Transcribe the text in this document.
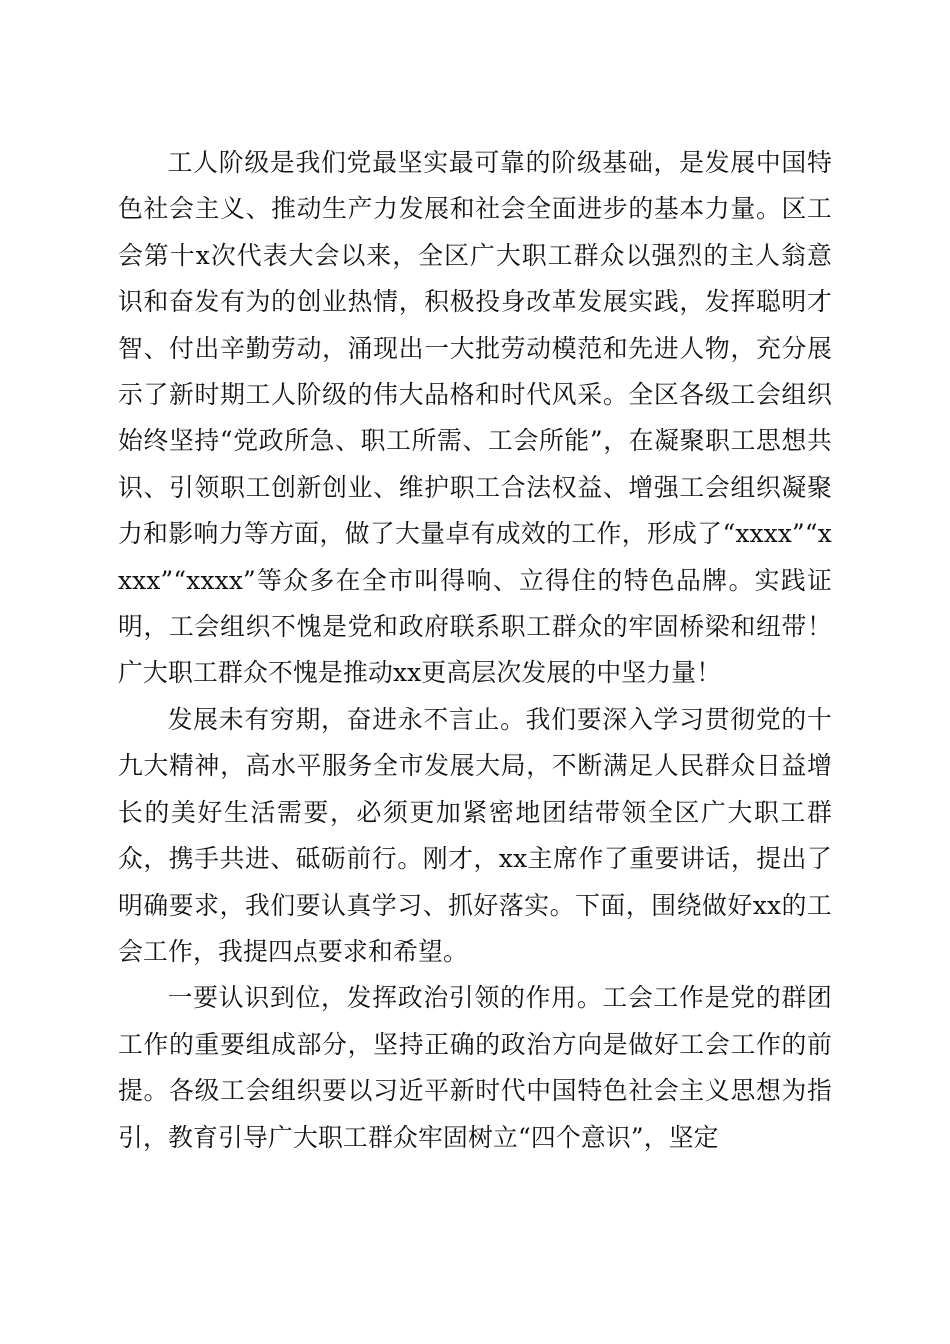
工人阶级是我们党最坚实最可靠的阶级基础，是发展中国特色社会主义、推动生产力发展和社会全面进步的基本力量。区工会第十x次代表大会以来，全区广大职工群众以强烈的主人翁意识和奋发有为的创业热情，积极投身改革发展实践，发挥聪明才智、付出辛勤劳动，涌现出一大批劳动模范和先进人物，充分展示了新时期工人阶级的伟大品格和时代风采。全区各级工会组织始终坚持“党政所急、职工所需、工会所能”，在凝聚职工思想共识、引领职工创新创业、维护职工合法权益、增强工会组织凝聚力和影响力等方面，做了大量卓有成效的工作，形成了“xxxx”“xxxx”“xxxx”等众多在全市叫得响、立得住的特色品牌。实践证明，工会组织不愧是党和政府联系职工群众的牢固桥梁和纽带！广大职工群众不愧是推动xx更高层次发展的中坚力量！

发展未有穷期，奋进永不言止。我们要深入学习贯彻党的十九大精神，高水平服务全市发展大局，不断满足人民群众日益增长的美好生活需要，必须更加紧密地团结带领全区广大职工群众，携手共进、砥砺前行。刚才，xx主席作了重要讲话，提出了明确要求，我们要认真学习、抓好落实。下面，围绕做好xx的工会工作，我提四点要求和希望。

一要认识到位，发挥政治引领的作用。工会工作是党的群团工作的重要组成部分，坚持正确的政治方向是做好工会工作的前提。各级工会组织要以习近平新时代中国特色社会主义思想为指引，教育引导广大职工群众牢固树立“四个意识”，坚定
